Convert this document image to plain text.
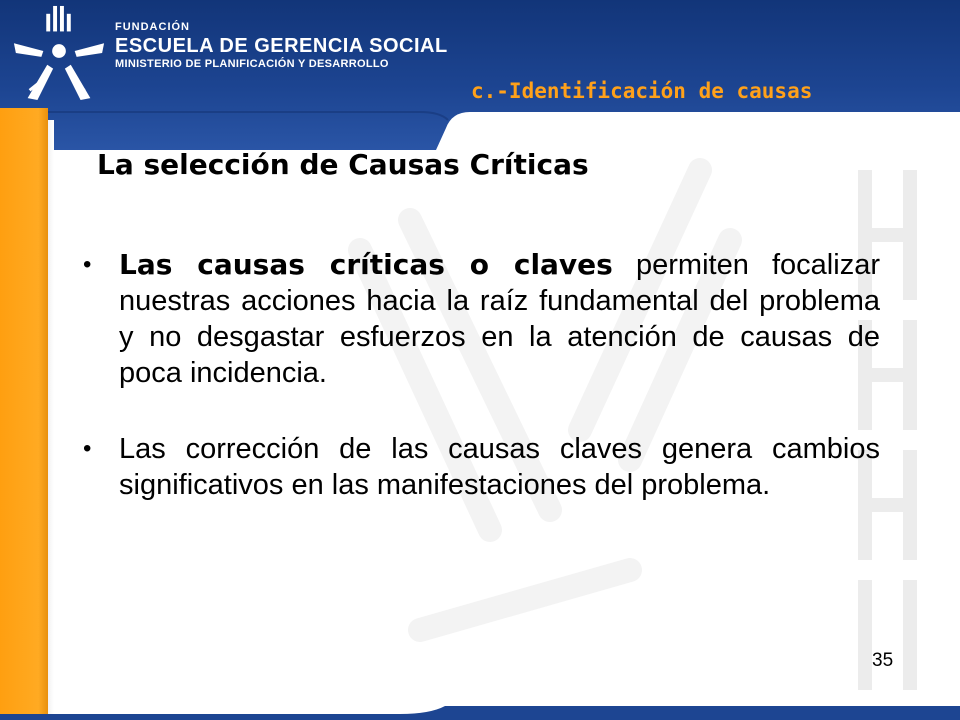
FUNDACIÓN
ESCUELA DE GERENCIA SOCIAL
MINISTERIO DE PLANIFICACIÓN Y DESARROLLO
c.-Identificación de causas
La selección de Causas Críticas
• Las causas críticas o claves permiten focalizar nuestras acciones hacia la raíz fundamental del problema y no desgastar esfuerzos en la atención de causas de poca incidencia.
• Las corrección de las causas claves genera cambios significativos en las manifestaciones del problema.
35
